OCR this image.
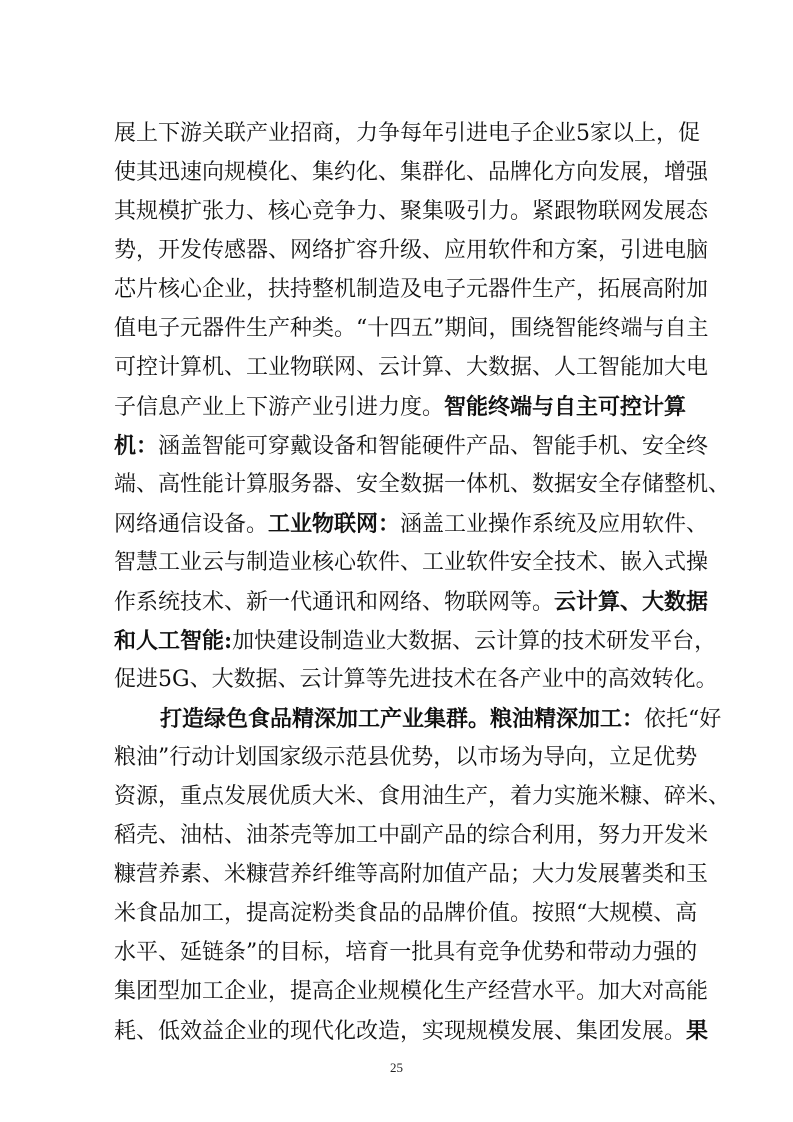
展上下游关联产业招商，力争每年引进电子企业5家以上，促
使其迅速向规模化、集约化、集群化、品牌化方向发展，增强
其规模扩张力、核心竞争力、聚集吸引力。紧跟物联网发展态
势，开发传感器、网络扩容升级、应用软件和方案，引进电脑
芯片核心企业，扶持整机制造及电子元器件生产，拓展高附加
值电子元器件生产种类。“十四五”期间，围绕智能终端与自主
可控计算机、工业物联网、云计算、大数据、人工智能加大电
子信息产业上下游产业引进力度。智能终端与自主可控计算
机：涵盖智能可穿戴设备和智能硬件产品、智能手机、安全终
端、高性能计算服务器、安全数据一体机、数据安全存储整机、
网络通信设备。工业物联网：涵盖工业操作系统及应用软件、
智慧工业云与制造业核心软件、工业软件安全技术、嵌入式操
作系统技术、新一代通讯和网络、物联网等。云计算、大数据
和人工智能:加快建设制造业大数据、云计算的技术研发平台，
促进5G、大数据、云计算等先进技术在各产业中的高效转化。
打造绿色食品精深加工产业集群。粮油精深加工：依托“好
粮油”行动计划国家级示范县优势，以市场为导向，立足优势
资源，重点发展优质大米、食用油生产，着力实施米糠、碎米、
稻壳、油枯、油茶壳等加工中副产品的综合利用，努力开发米
糠营养素、米糠营养纤维等高附加值产品；大力发展薯类和玉
米食品加工，提高淀粉类食品的品牌价值。按照“大规模、高
水平、延链条”的目标，培育一批具有竞争优势和带动力强的
集团型加工企业，提高企业规模化生产经营水平。加大对高能
耗、低效益企业的现代化改造，实现规模发展、集团发展。果
25
